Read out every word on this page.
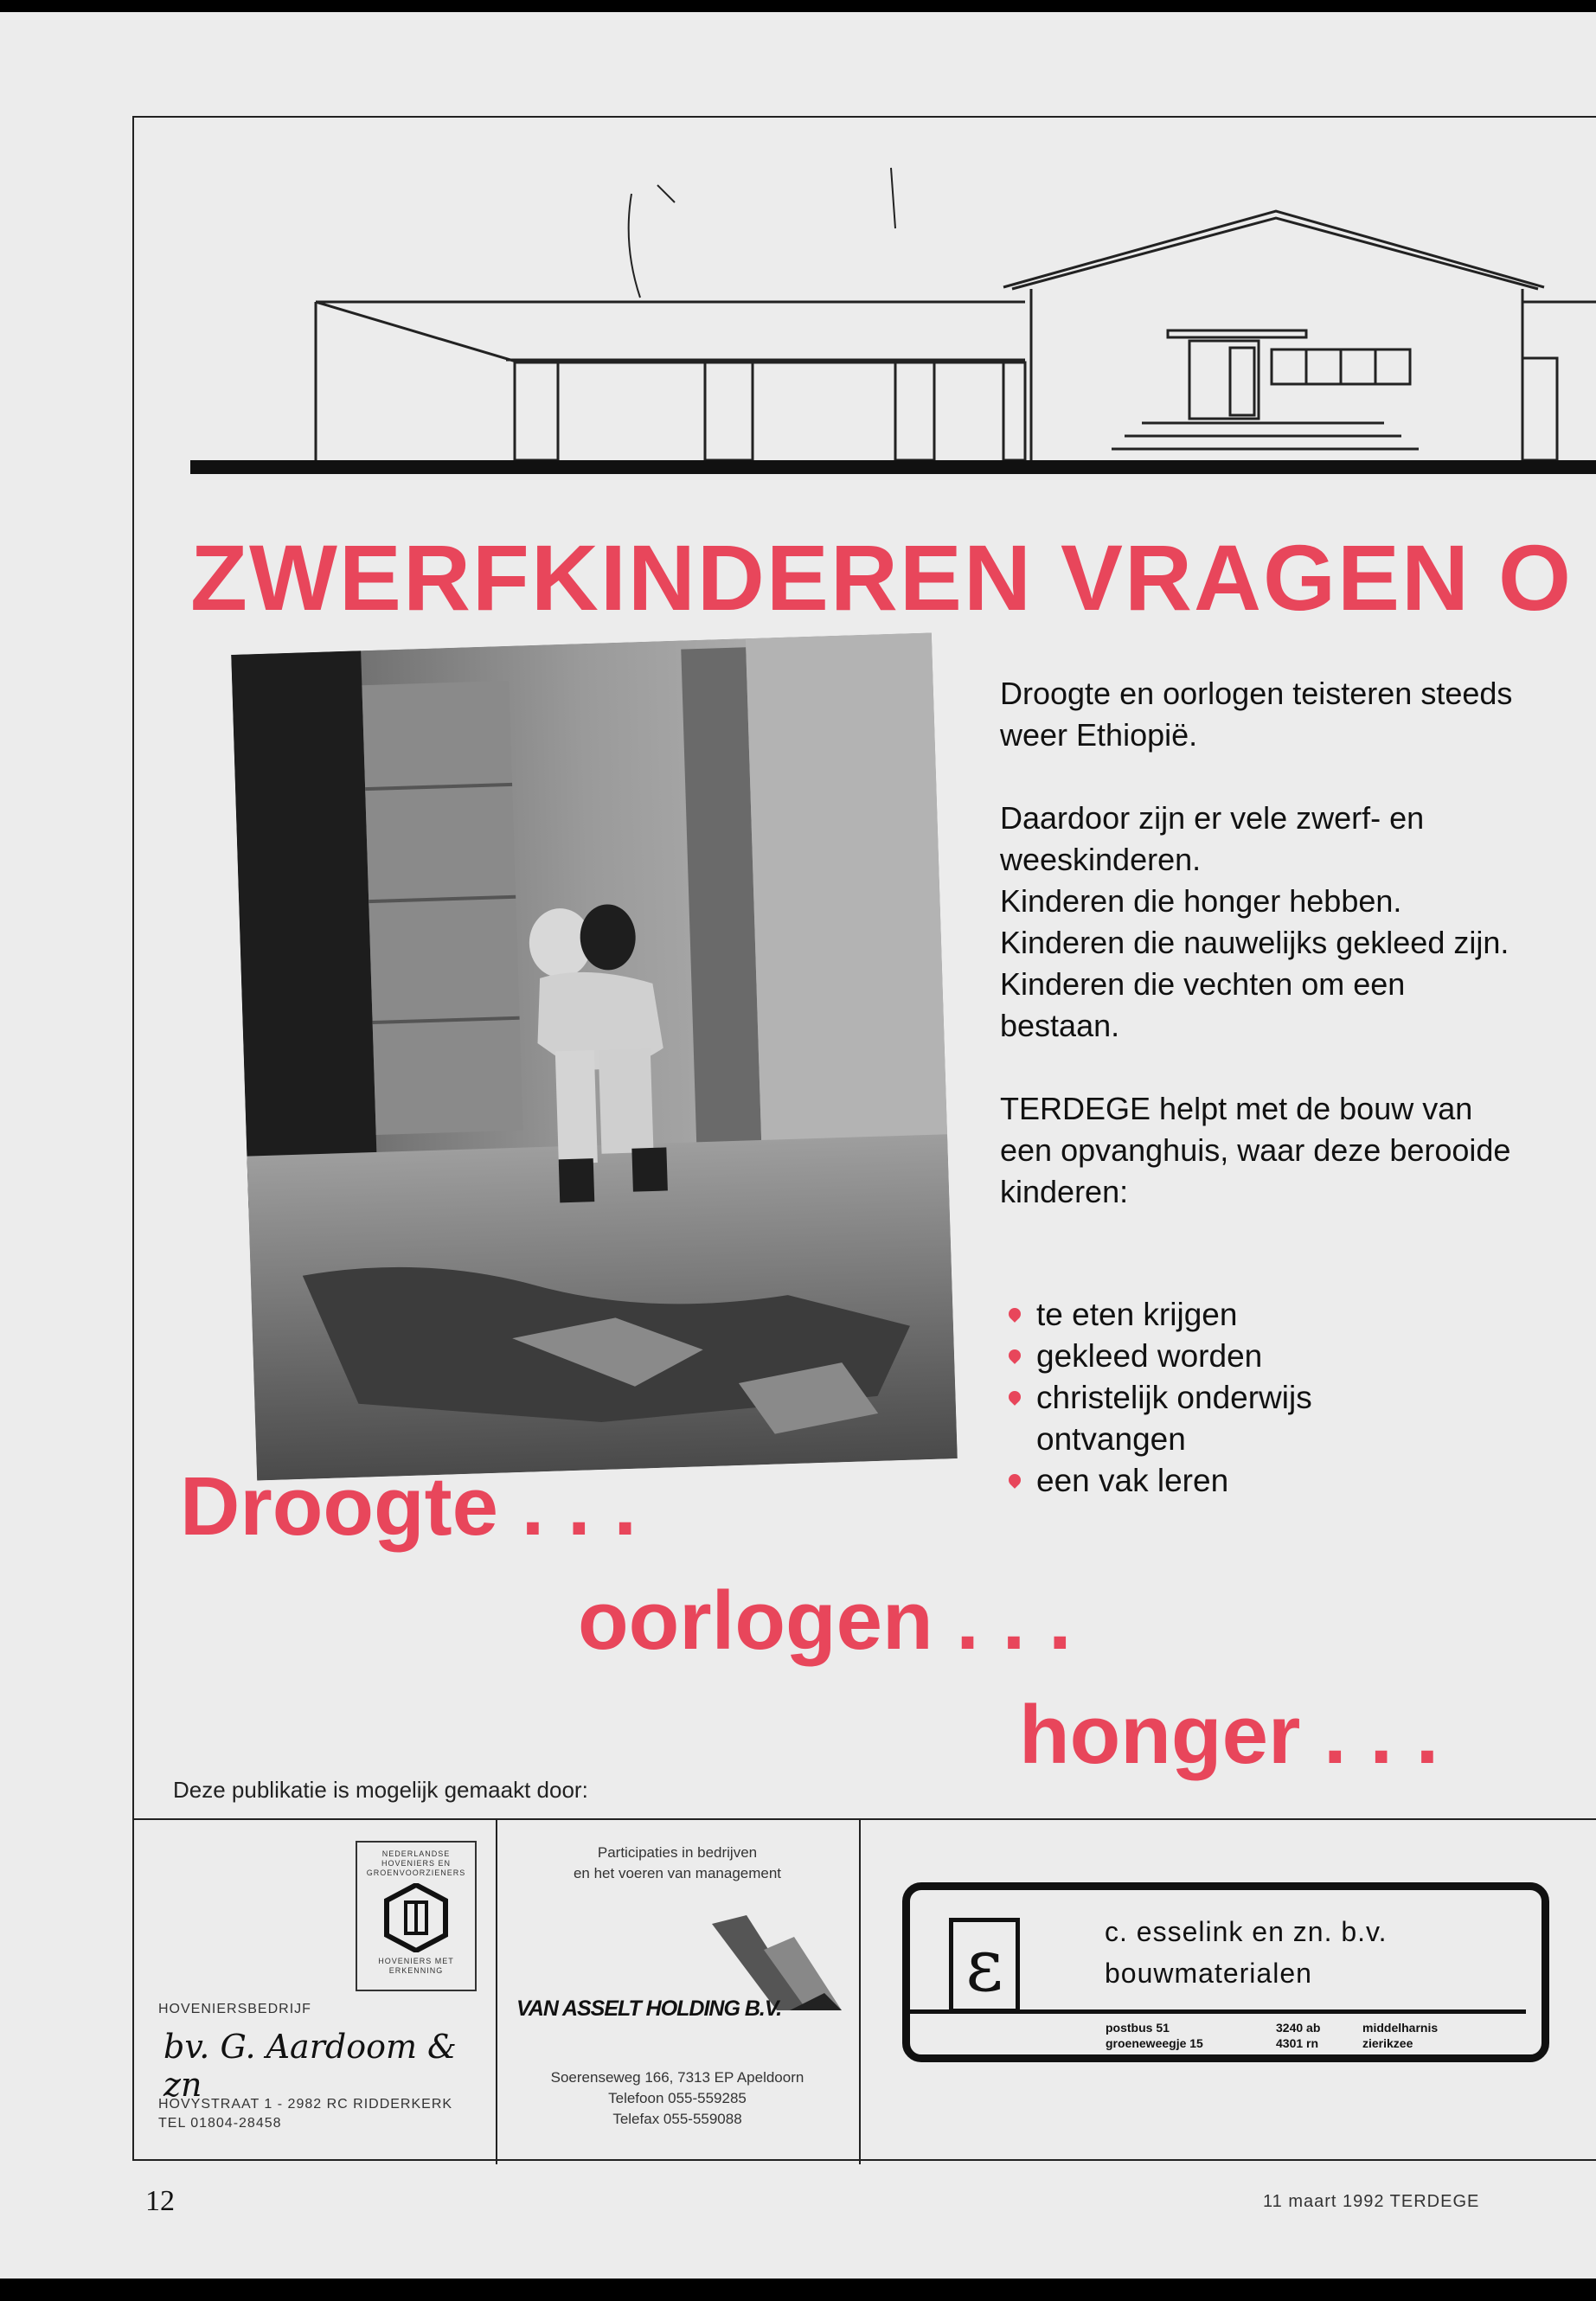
ZWERFKINDEREN VRAGEN O

Droogte en oorlogen teisteren steeds weer Ethiopië.

Daardoor zijn er vele zwerf- en weeskinderen.
Kinderen die honger hebben.
Kinderen die nauwelijks gekleed zijn.
Kinderen die vechten om een bestaan.

TERDEGE helpt met de bouw van een opvanghuis, waar deze berooide kinderen:

te eten krijgen
gekleed worden
christelijk onderwijs ontvangen
een vak leren
Droogte . . .
oorlogen . . .
honger . . .
Deze publikatie is mogelijk gemaakt door:
NEDERLANDSE HOVENIERS EN GROENVOORZIENERS
HOVENIERS MET ERKENNING
HOVENIERSBEDRIJF
bv. G. Aardoom & zn
HOVYSTRAAT 1 - 2982 RC RIDDERKERK
TEL 01804-28458
Participaties in bedrijven
en het voeren van management
VAN ASSELT HOLDING B.V.
Soerenseweg 166, 7313 EP Apeldoorn
Telefoon 055-559285
Telefax 055-559088
ε	c. esselink en zn. b.v.
bouwmaterialen
postbus 51	3240 ab	middelharnis
groeneweegje 15	4301 rn	zierikzee
12	11 maart 1992 TERDEGE
